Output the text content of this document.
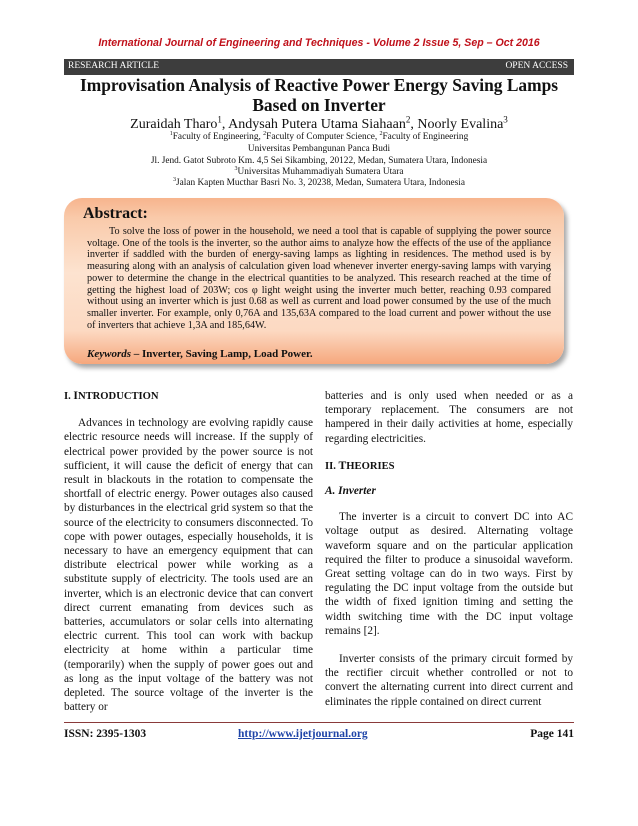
International Journal of Engineering and Techniques - Volume 2 Issue 5, Sep – Oct 2016
RESEARCH ARTICLE	OPEN ACCESS
Improvisation Analysis of Reactive Power Energy Saving Lamps
Based on Inverter
Zuraidah Tharo$^1$, Andysah Putera Utama Siahaan$^2$, Noorly Evalina$^3$
$^1$Faculty of Engineering, $^2$Faculty of Computer Science, $^2$Faculty of Engineering
Universitas Pembangunan Panca Budi
Jl. Jend. Gatot Subroto Km. 4,5 Sei Sikambing, 20122, Medan, Sumatera Utara, Indonesia
$^3$Universitas Muhammadiyah Sumatera Utara
$^3$Jalan Kapten Mucthar Basri No. 3, 20238, Medan, Sumatera Utara, Indonesia
Abstract:
To solve the loss of power in the household, we need a tool that is capable of supplying the power source voltage. One of the tools is the inverter, so the author aims to analyze how the effects of the use of the appliance inverter if saddled with the burden of energy-saving lamps as lighting in residences. The method used is by measuring along with an analysis of calculation given load whenever inverter energy-saving lamps with varying power to determine the change in the electrical quantities to be analyzed. This research reached at the time of getting the highest load of 203W; cos φ light weight using the inverter much better, reaching 0.93 compared without using an inverter which is just 0.68 as well as current and load power consumed by the use of the much smaller inverter. For example, only 0,76A and 135,63A compared to the load current and power without the use of inverters that achieve 1,3A and 185,64W.
Keywords – Inverter, Saving Lamp, Load Power.

I. INTRODUCTION

Advances in technology are evolving rapidly cause electric resource needs will increase. If the supply of electrical power provided by the power source is not sufficient, it will cause the deficit of energy that can result in blackouts in the rotation to compensate the shortfall of electric energy. Power outages also caused by disturbances in the electrical grid system so that the source of the electricity to consumers disconnected. To cope with power outages, especially households, it is necessary to have an emergency equipment that can distribute electrical power while working as a substitute supply of electricity. The tools used are an inverter, which is an electronic device that can convert direct current emanating from devices such as batteries, accumulators or solar cells into alternating electric current. This tool can work with backup electricity at home within a particular time (temporarily) when the supply of power goes out and as long as the input voltage of the battery was not depleted. The source voltage of the inverter is the battery or

batteries and is only used when needed or as a temporary replacement. The consumers are not hampered in their daily activities at home, especially regarding electricities.

II. THEORIES

A. Inverter

The inverter is a circuit to convert DC into AC voltage output as desired. Alternating voltage waveform square and on the particular application required the filter to produce a sinusoidal waveform. Great setting voltage can do in two ways. First by regulating the DC input voltage from the outside but the width of fixed ignition timing and setting the width switching time with the DC input voltage remains [2].

Inverter consists of the primary circuit formed by the rectifier circuit whether controlled or not to convert the alternating current into direct current and eliminates the ripple contained on direct current

ISSN: 2395-1303	http://www.ijetjournal.org	Page 141
